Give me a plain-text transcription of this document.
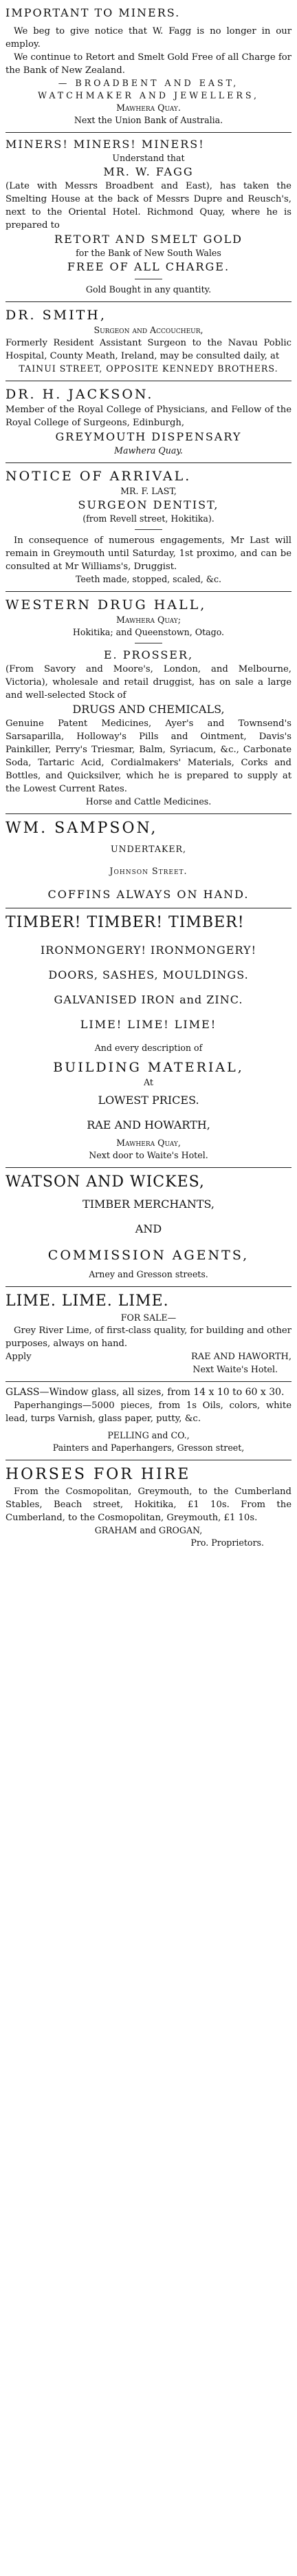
IMPORTANT TO MINERS.

We beg to give notice that W. Fagg is no longer in our employ.

We continue to Retort and Smelt Gold Free of all Charge for the Bank of New Zealand.

— BROADBENT AND EAST,

WATCHMAKER AND JEWELLERS,

Mawhera Quay.

Next the Union Bank of Australia.

MINERS! MINERS! MINERS!

Understand that

MR. W. FAGG

(Late with Messrs Broadbent and East), has taken the Smelting House at the back of Messrs Dupre and Reusch's, next to the Oriental Hotel. Richmond Quay, where he is prepared to

RETORT AND SMELT GOLD

for the Bank of New South Wales

FREE OF ALL CHARGE.

Gold Bought in any quantity.

DR. SMITH,

Surgeon and Accoucheur,

Formerly Resident Assistant Surgeon to the Navau Poblic Hospital, County Meath, Ireland, may be consulted daily, at

TAINUI STREET, OPPOSITE KENNEDY BROTHERS.

DR. H. JACKSON.

Member of the Royal College of Physicians, and Fellow of the Royal College of Surgeons, Edinburgh,

GREYMOUTH DISPENSARY

Mawhera Quay.

NOTICE OF ARRIVAL.

MR. F. LAST,

SURGEON DENTIST,

(from Revell street, Hokitika).

In consequence of numerous engagements, Mr Last will remain in Greymouth until Saturday, 1st proximo, and can be consulted at Mr Williams's, Druggist.

Teeth made, stopped, scaled, &c.

WESTERN DRUG HALL,

Mawhera Quay;

Hokitika; and Queenstown, Otago.

E. PROSSER,

(From Savory and Moore's, London, and Melbourne, Victoria), wholesale and retail druggist, has on sale a large and well-selected Stock of

DRUGS AND CHEMICALS,

Genuine Patent Medicines, Ayer's and Townsend's Sarsaparilla, Holloway's Pills and Ointment, Davis's Painkiller, Perry's Triesmar, Balm, Syriacum, &c., Carbonate Soda, Tartaric Acid, Cordialmakers' Materials, Corks and Bottles, and Quicksilver, which he is prepared to supply at the Lowest Current Rates.

Horse and Cattle Medicines.

WM. SAMPSON,

UNDERTAKER,

Johnson Street.

COFFINS ALWAYS ON HAND.

TIMBER! TIMBER! TIMBER!

IRONMONGERY! IRONMONGERY!

DOORS, SASHES, MOULDINGS.

GALVANISED IRON and ZINC.

LIME! LIME! LIME!

And every description of

BUILDING MATERIAL,

At

LOWEST PRICES.

RAE AND HOWARTH,

Mawhera Quay,

Next door to Waite's Hotel.

WATSON AND WICKES,

TIMBER MERCHANTS,

AND

COMMISSION AGENTS,

Arney and Gresson streets.

LIME. LIME. LIME.

FOR SALE—

Grey River Lime, of first-class quality, for building and other purposes, always on hand.

Apply	RAE AND HAWORTH,

Next Waite's Hotel.

GLASS—Window glass, all sizes, from 14 x 10 to 60 x 30.

Paperhangings—5000 pieces, from 1s Oils, colors, white lead, turps Varnish, glass paper, putty, &c.

PELLING and CO.,

Painters and Paperhangers, Gresson street,

HORSES FOR HIRE

From the Cosmopolitan, Greymouth, to the Cumberland Stables, Beach street, Hokitika, £1 10s. From the Cumberland, to the Cosmopolitan, Greymouth, £1 10s.

GRAHAM and GROGAN,

Pro. Proprietors.
